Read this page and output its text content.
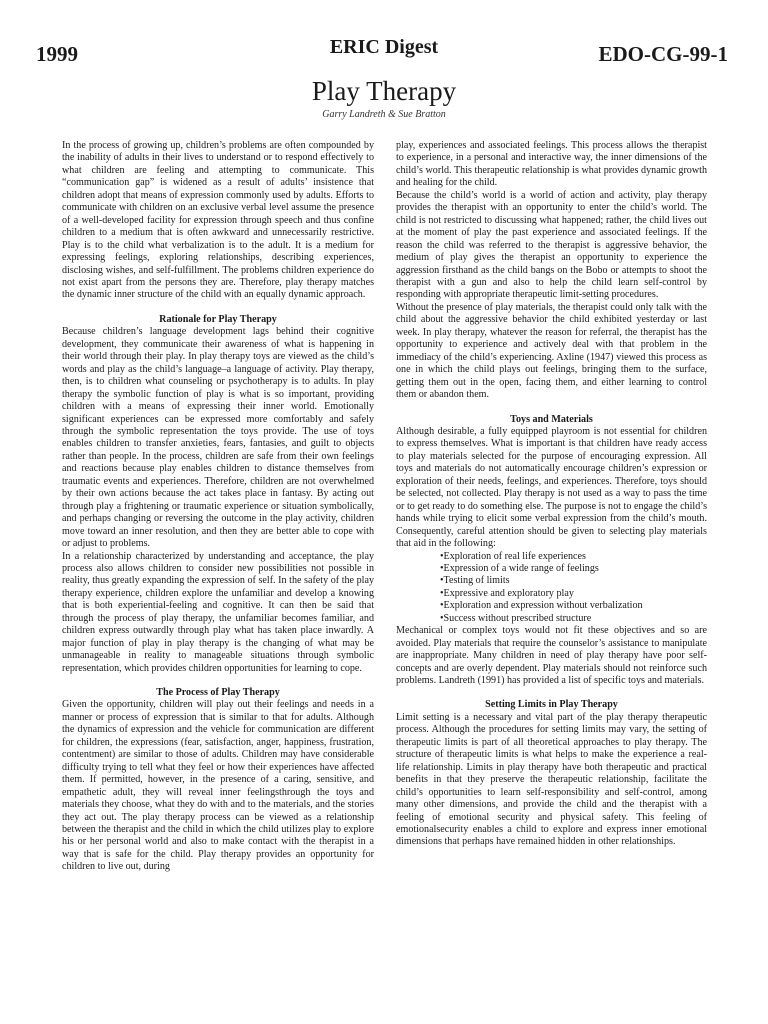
1999	ERIC Digest	EDO-CG-99-1
Play Therapy
Garry Landreth & Sue Bratton

In the process of growing up, children’s problems are often compounded by the inability of adults in their lives to understand or to respond effectively to what children are feeling and attempting to communicate. This “communication gap” is widened as a result of adults’ insistence that children adopt that means of expression commonly used by adults. Efforts to communicate with children on an exclusive verbal level assume the presence of a well-developed facility for expression through speech and thus confine children to a medium that is often awkward and unnecessarily restrictive. Play is to the child what verbalization is to the adult. It is a medium for expressing feelings, exploring relationships, describing experiences, disclosing wishes, and self-fulfillment. The problems children experience do not exist apart from the persons they are. Therefore, play therapy matches the dynamic inner structure of the child with an equally dynamic approach.

Rationale for Play Therapy

Because children’s language development lags behind their cognitive development, they communicate their awareness of what is happening in their world through their play. In play therapy toys are viewed as the child’s words and play as the child’s language–a language of activity. Play therapy, then, is to children what counseling or psychotherapy is to adults. In play therapy the symbolic function of play is what is so important, providing children with a means of expressing their inner world. Emotionally significant experiences can be expressed more comfortably and safely through the symbolic representation the toys provide. The use of toys enables children to transfer anxieties, fears, fantasies, and guilt to objects rather than people. In the process, children are safe from their own feelings and reactions because play enables children to distance themselves from traumatic events and experiences. Therefore, children are not overwhelmed by their own actions because the act takes place in fantasy. By acting out through play a frightening or traumatic experience or situation symbolically, and perhaps changing or reversing the outcome in the play activity, children move toward an inner resolution, and then they are better able to cope with or adjust to problems.

In a relationship characterized by understanding and acceptance, the play process also allows children to consider new possibilities not possible in reality, thus greatly expanding the expression of self. In the safety of the play therapy experience, children explore the unfamiliar and develop a knowing that is both experiential-feeling and cognitive. It can then be said that through the process of play therapy, the unfamiliar becomes familiar, and children express outwardly through play what has taken place inwardly. A major function of play in play therapy is the changing of what may be unmanageable in reality to manageable situations through symbolic representation, which provides children opportunities for learning to cope.

The Process of Play Therapy

Given the opportunity, children will play out their feelings and needs in a manner or process of expression that is similar to that for adults. Although the dynamics of expression and the vehicle for communication are different for children, the expressions (fear, satisfaction, anger, happiness, frustration, contentment) are similar to those of adults. Children may have considerable difficulty trying to tell what they feel or how their experiences have affected them. If permitted, however, in the presence of a caring, sensitive, and empathetic adult, they will reveal inner feelingsthrough the toys and materials they choose, what they do with and to the materials, and the stories they act out. The play therapy process can be viewed as a relationship between the therapist and the child in which the child utilizes play to explore his or her personal world and also to make contact with the therapist in a way that is safe for the child. Play therapy provides an opportunity for children to live out, during

play, experiences and associated feelings. This process allows the therapist to experience, in a personal and interactive way, the inner dimensions of the child’s world. This therapeutic relationship is what provides dynamic growth and healing for the child.

Because the child’s world is a world of action and activity, play therapy provides the therapist with an opportunity to enter the child’s world. The child is not restricted to discussing what happened; rather, the child lives out at the moment of play the past experience and associated feelings. If the reason the child was referred to the therapist is aggressive behavior, the medium of play gives the therapist an opportunity to experience the aggression firsthand as the child bangs on the Bobo or attempts to shoot the therapist with a gun and also to help the child learn self-control by responding with appropriate therapeutic limit-setting procedures.

Without the presence of play materials, the therapist could only talk with the child about the aggressive behavior the child exhibited yesterday or last week. In play therapy, whatever the reason for referral, the therapist has the opportunity to experience and actively deal with that problem in the immediacy of the child’s experiencing. Axline (1947) viewed this process as one in which the child plays out feelings, bringing them to the surface, getting them out in the open, facing them, and either learning to control them or abandon them.

Toys and Materials

Although desirable, a fully equipped playroom is not essential for children to express themselves. What is important is that children have ready access to play materials selected for the purpose of encouraging expression. All toys and materials do not automatically encourage children’s expression or exploration of their needs, feelings, and experiences. Therefore, toys should be selected, not collected. Play therapy is not used as a way to pass the time or to get ready to do something else. The purpose is not to engage the child’s hands while trying to elicit some verbal expression from the child’s mouth. Consequently, careful attention should be given to selecting play materials that aid in the following:

• Exploration of real life experiences
• Expression of a wide range of feelings
• Testing of limits
• Expressive and exploratory play
• Exploration and expression without verbalization
• Success without prescribed structure

Mechanical or complex toys would not fit these objectives and so are avoided. Play materials that require the counselor’s assistance to manipulate are inappropriate. Many children in need of play therapy have poor self-concepts and are overly dependent. Play materials should not reinforce such problems. Landreth (1991) has provided a list of specific toys and materials.

Setting Limits in Play Therapy

Limit setting is a necessary and vital part of the play therapy therapeutic process. Although the procedures for setting limits may vary, the setting of therapeutic limits is part of all theoretical approaches to play therapy. The structure of therapeutic limits is what helps to make the experience a real-life relationship. Limits in play therapy have both therapeutic and practical benefits in that they preserve the therapeutic relationship, facilitate the child’s opportunities to learn self-responsibility and self-control, among many other dimensions, and provide the child and the therapist with a feeling of emotional security and physical safety. This feeling of emotionalsecurity enables a child to explore and express inner emotional dimensions that perhaps have remained hidden in other relationships.
